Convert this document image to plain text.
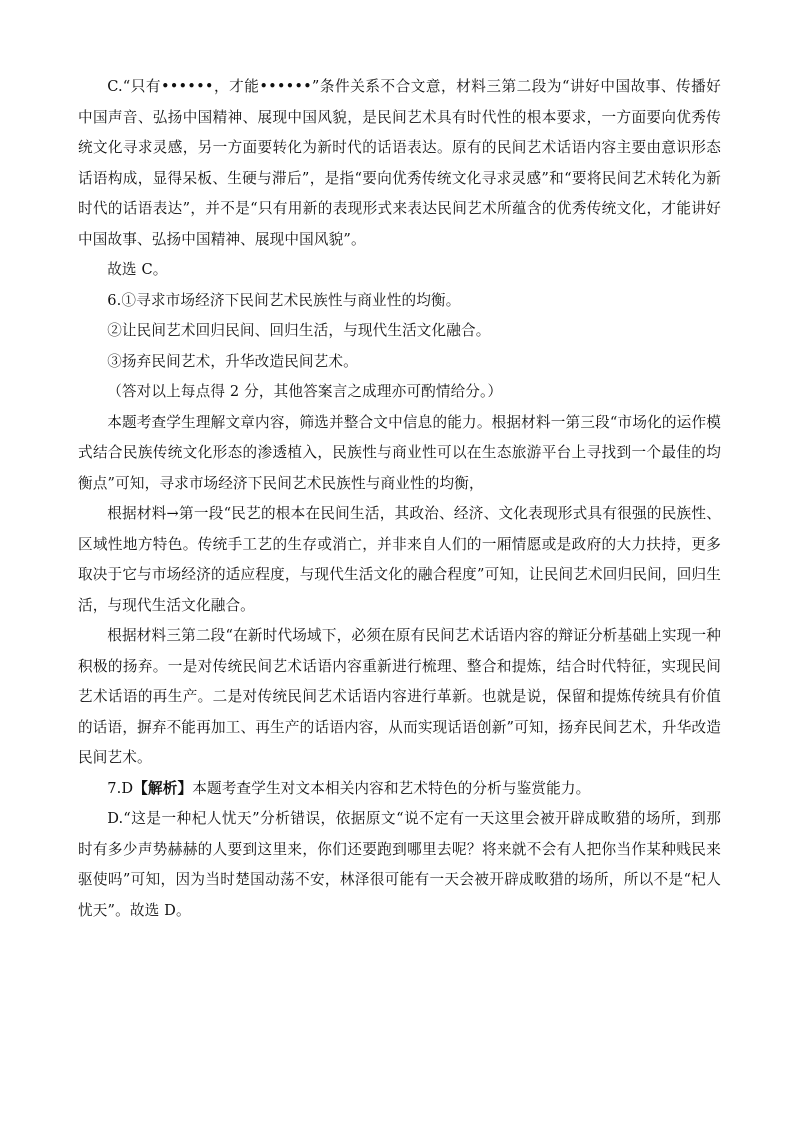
C.“只有••••••，才能••••••”条件关系不合文意，材料三第二段为“讲好中国故事、传播好中国声音、弘扬中国精神、展现中国风貌，是民间艺术具有时代性的根本要求，一方面要向优秀传统文化寻求灵感，另一方面要转化为新时代的话语表达。原有的民间艺术话语内容主要由意识形态话语构成，显得呆板、生硬与滞后”，是指“要向优秀传统文化寻求灵感”和“要将民间艺术转化为新时代的话语表达”，并不是“只有用新的表现形式来表达民间艺术所蕴含的优秀传统文化，才能讲好中国故事、弘扬中国精神、展现中国风貌”。

故选 C。

6.①寻求市场经济下民间艺术民族性与商业性的均衡。

②让民间艺术回归民间、回归生活，与现代生活文化融合。

③扬弃民间艺术，升华改造民间艺术。

（答对以上每点得 2 分，其他答案言之成理亦可酌情给分。）

本题考查学生理解文章内容，筛选并整合文中信息的能力。根据材料一第三段“市场化的运作模式结合民族传统文化形态的渗透植入，民族性与商业性可以在生态旅游平台上寻找到一个最佳的均衡点”可知，寻求市场经济下民间艺术民族性与商业性的均衡，

根据材料→第一段“民艺的根本在民间生活，其政治、经济、文化表现形式具有很强的民族性、区域性地方特色。传统手工艺的生存或消亡，并非来自人们的一厢情愿或是政府的大力扶持，更多取决于它与市场经济的适应程度，与现代生活文化的融合程度”可知，让民间艺术回归民间，回归生活，与现代生活文化融合。

根据材料三第二段“在新时代场域下，必须在原有民间艺术话语内容的辩证分析基础上实现一种积极的扬弃。一是对传统民间艺术话语内容重新进行梳理、整合和提炼，结合时代特征，实现民间艺术话语的再生产。二是对传统民间艺术话语内容进行革新。也就是说，保留和提炼传统具有价值的话语，摒弃不能再加工、再生产的话语内容，从而实现话语创新”可知，扬弃民间艺术，升华改造民间艺术。

7.D【解析】本题考查学生对文本相关内容和艺术特色的分析与鉴赏能力。

D.“这是一种杞人忧天”分析错误，依据原文“说不定有一天这里会被开辟成畋猎的场所，到那时有多少声势赫赫的人要到这里来，你们还要跑到哪里去呢？将来就不会有人把你当作某种贱民来驱使吗”可知，因为当时楚国动荡不安，林泽很可能有一天会被开辟成畋猎的场所，所以不是“杞人忧天”。故选 D。
